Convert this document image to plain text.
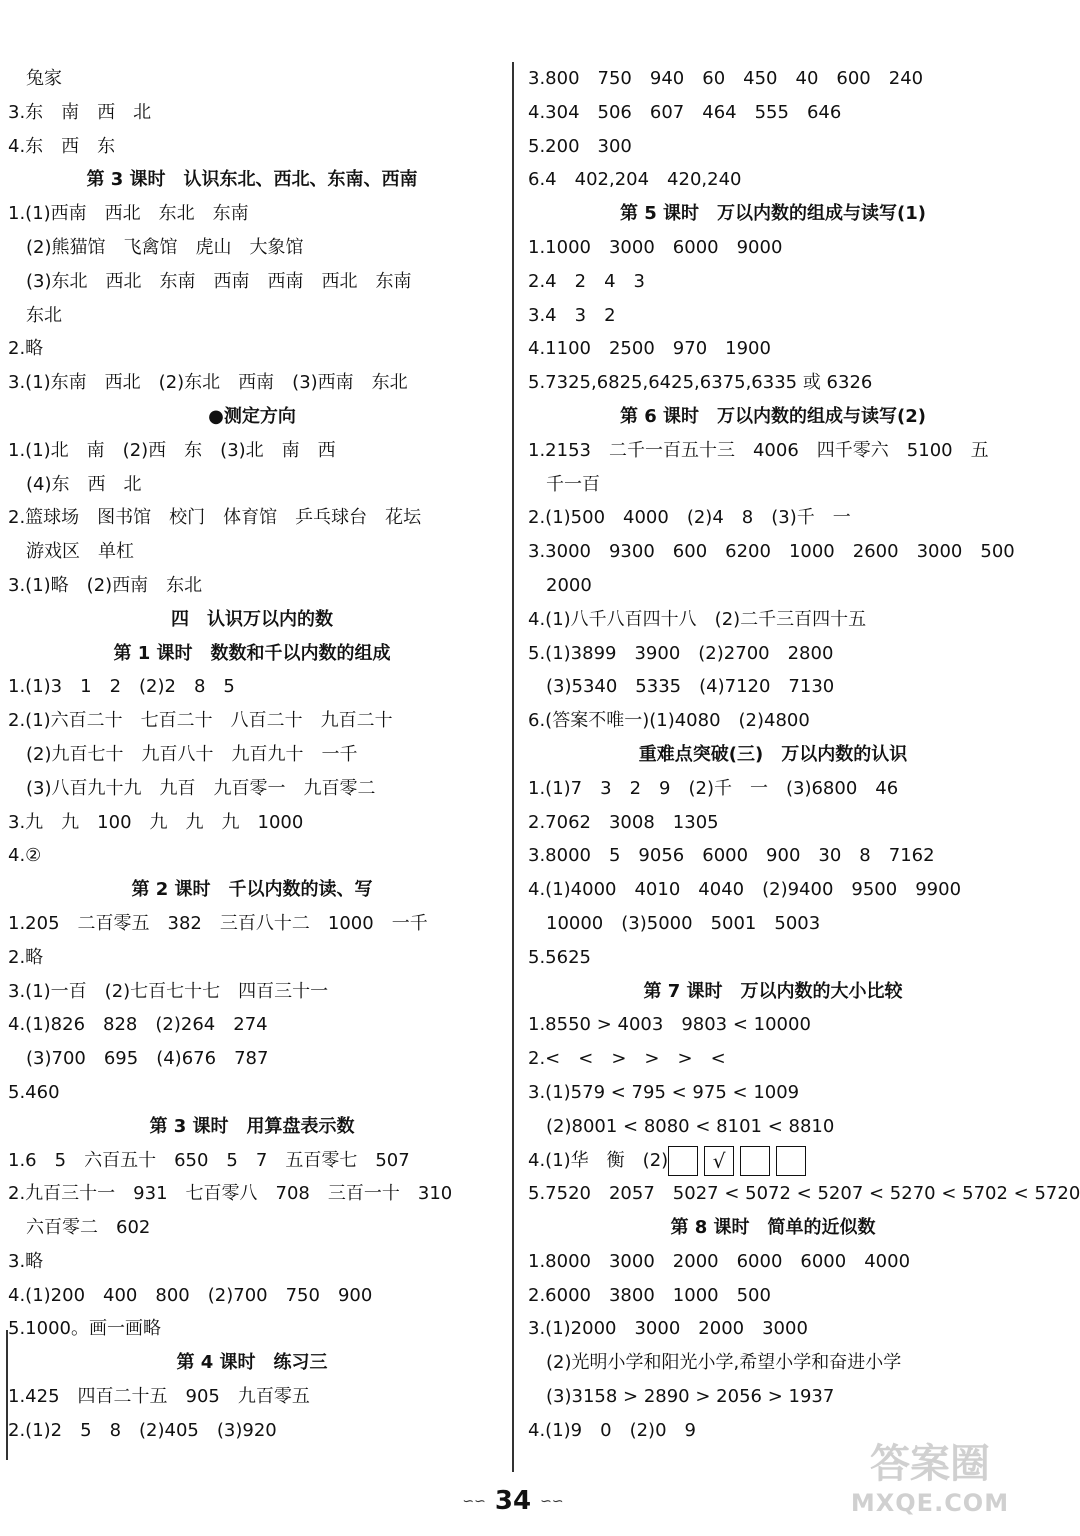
　兔家
3.东　南　西　北
4.东　西　东
第 3 课时　认识东北、西北、东南、西南
1.(1)西南　西北　东北　东南
　(2)熊猫馆　飞禽馆　虎山　大象馆
　(3)东北　西北　东南　西南　西南　西北　东南
　东北
2.略
3.(1)东南　西北　(2)东北　西南　(3)西南　东北
●测定方向
1.(1)北　南　(2)西　东　(3)北　南　西
　(4)东　西　北
2.篮球场　图书馆　校门　体育馆　乒乓球台　花坛
　游戏区　单杠
3.(1)略　(2)西南　东北
四　认识万以内的数
第 1 课时　数数和千以内数的组成
1.(1)3　1　2　(2)2　8　5
2.(1)六百二十　七百二十　八百二十　九百二十
　(2)九百七十　九百八十　九百九十　一千
　(3)八百九十九　九百　九百零一　九百零二
3.九　九　100　九　九　九　1000
4.②
第 2 课时　千以内数的读、写
1.205　二百零五　382　三百八十二　1000　一千
2.略
3.(1)一百　(2)七百七十七　四百三十一
4.(1)826　828　(2)264　274
　(3)700　695　(4)676　787
5.460
第 3 课时　用算盘表示数
1.6　5　六百五十　650　5　7　五百零七　507
2.九百三十一　931　七百零八　708　三百一十　310
　六百零二　602
3.略
4.(1)200　400　800　(2)700　750　900
5.1000。画一画略
第 4 课时　练习三
1.425　四百二十五　905　九百零五
2.(1)2　5　8　(2)405　(3)920
3.800　750　940　60　450　40　600　240
4.304　506　607　464　555　646
5.200　300
6.4　402,204　420,240
第 5 课时　万以内数的组成与读写(1)
1.1000　3000　6000　9000
2.4　2　4　3
3.4　3　2
4.1100　2500　970　1900
5.7325,6825,6425,6375,6335 或 6326
第 6 课时　万以内数的组成与读写(2)
1.2153　二千一百五十三　4006　四千零六　5100　五
　千一百
2.(1)500　4000　(2)4　8　(3)千　一
3.3000　9300　600　6200　1000　2600　3000　500
　2000
4.(1)八千八百四十八　(2)二千三百四十五
5.(1)3899　3900　(2)2700　2800
　(3)5340　5335　(4)7120　7130
6.(答案不唯一)(1)4080　(2)4800
重难点突破(三)　万以内数的认识
1.(1)7　3　2　9　(2)千　一　(3)6800　46
2.7062　3008　1305
3.8000　5　9056　6000　900　30　8　7162
4.(1)4000　4010　4040　(2)9400　9500　9900
　10000　(3)5000　5001　5003
5.5625
第 7 课时　万以内数的大小比较
1.8550 > 4003　9803 < 10000
2.<　<　>　>　>　<
3.(1)579 < 795 < 975 < 1009
　(2)8001 < 8080 < 8101 < 8810
4.(1)华　衡　(2) √
5.7520　2057　5027 < 5072 < 5207 < 5270 < 5702 < 5720
第 8 课时　简单的近似数
1.8000　3000　2000　6000　6000　4000
2.6000　3800　1000　500
3.(1)2000　3000　2000　3000
　(2)光明小学和阳光小学,希望小学和奋进小学
　(3)3158 > 2890 > 2056 > 1937
4.(1)9　0　(2)0　9
∽∽ 34 ∽∽
答案圈
MXQE.COM
